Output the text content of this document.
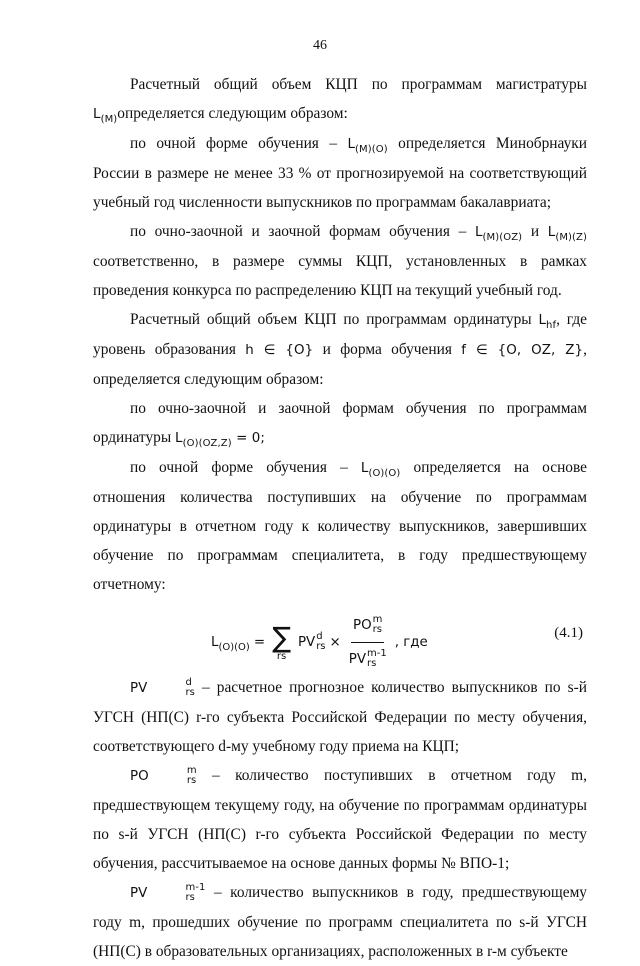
46

Расчетный общий объем КЦП по программам магистратуры $L_{(M)}определяется$ следующим образом:

по очной форме обучения – $L_{(M)(O)}$ определяется Минобрнауки России в размере не менее 33 % от прогнозируемой на соответствующий учебный год численности выпускников по программам бакалавриата;

по очно-заочной и заочной формам обучения – $L_{(M)(OZ)}$ и $L_{(M)(Z)}$ соответственно, в размере суммы КЦП, установленных в рамках проведения конкурса по распределению КЦП на текущий учебный год.

Расчетный общий объем КЦП по программам ординатуры $L_{hf}$, где уровень образования h ∈ {O} и форма обучения f ∈ {O, OZ, Z}, определяется следующим образом:

по очно-заочной и заочной формам обучения по программам ординатуры $L_{(O)(OZ,Z)} = 0$;

по очной форме обучения – $L_{(O)(O)}$ определяется на основе отношения количества поступивших на обучение по программам ординатуры в отчетном году к количеству выпускников, завершивших обучение по программам специалитета, в году предшествующему отчетному:

$L_{(O)(O)}$ = ∑
rs
PV d
rs × PO m
rs
PV m-1
rs , где
(4.1)

PV	d
rs – расчетное прогнозное количество выпускников по s-й УГСН (НП(С) r-го субъекта Российской Федерации по месту обучения, соответствующего d-му учебному году приема на КЦП;

PO	m
rs – количество поступивших в отчетном году m, предшествующем текущему году, на обучение по программам ординатуры по s-й УГСН (НП(С) r-го субъекта Российской Федерации по месту обучения, рассчитываемое на основе данных формы № ВПО-1;

PV	m-1
rs – количество выпускников в году, предшествующему году m, прошедших обучение по программ специалитета по s-й УГСН (НП(С) в образовательных организациях, расположенных в r-м субъекте
